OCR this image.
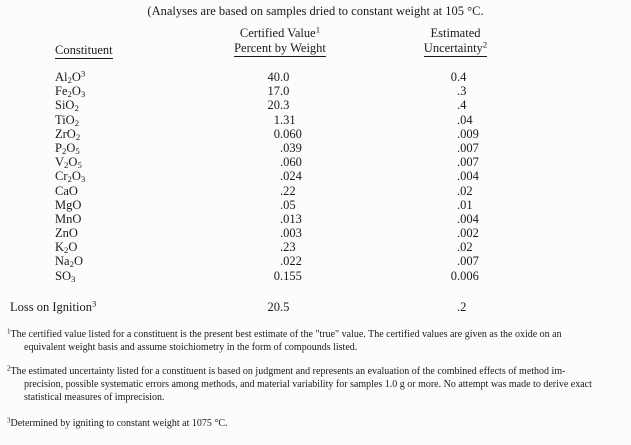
(Analyses are based on samples dried to constant weight at 105 °C.
Constituent
Certified Value$^1$
Percent by Weight
Estimated
Uncertainty$^2$
$Al_2O^3$	40 .0	0 .4
$Fe_2O_3$	17 .0	.3
SiO$_2$	20 .3	.4
TiO$_2$	1 .31	.04
ZrO$_2$	0 .060	.009
$P_2O_5$	.039	.007
$V_2O_5$	.060	.007
$Cr_2O_3$	.024	.004
CaO	.22	.02
MgO	.05	.01
MnO	.013	.004
ZnO	.003	.002
$K_2O$	.23	.02
$Na_2O$	.022	.007
$SO_3$	0 .155	0 .006
Loss on Ignition$^3$	20 .5	.2
$^1$The certified value listed for a constituent is the present best estimate of the "true" value. The certified values are given as the oxide on an
equivalent weight basis and assume stoichiometry in the form of compounds listed.
$^2$The estimated uncertainty listed for a constituent is based on judgment and represents an evaluation of the combined effects of method im-
precision, possible systematic errors among methods, and material variability for samples 1.0 g or more. No attempt was made to derive exact
statistical measures of imprecision.
$^3$Determined by igniting to constant weight at 1075 °C.
